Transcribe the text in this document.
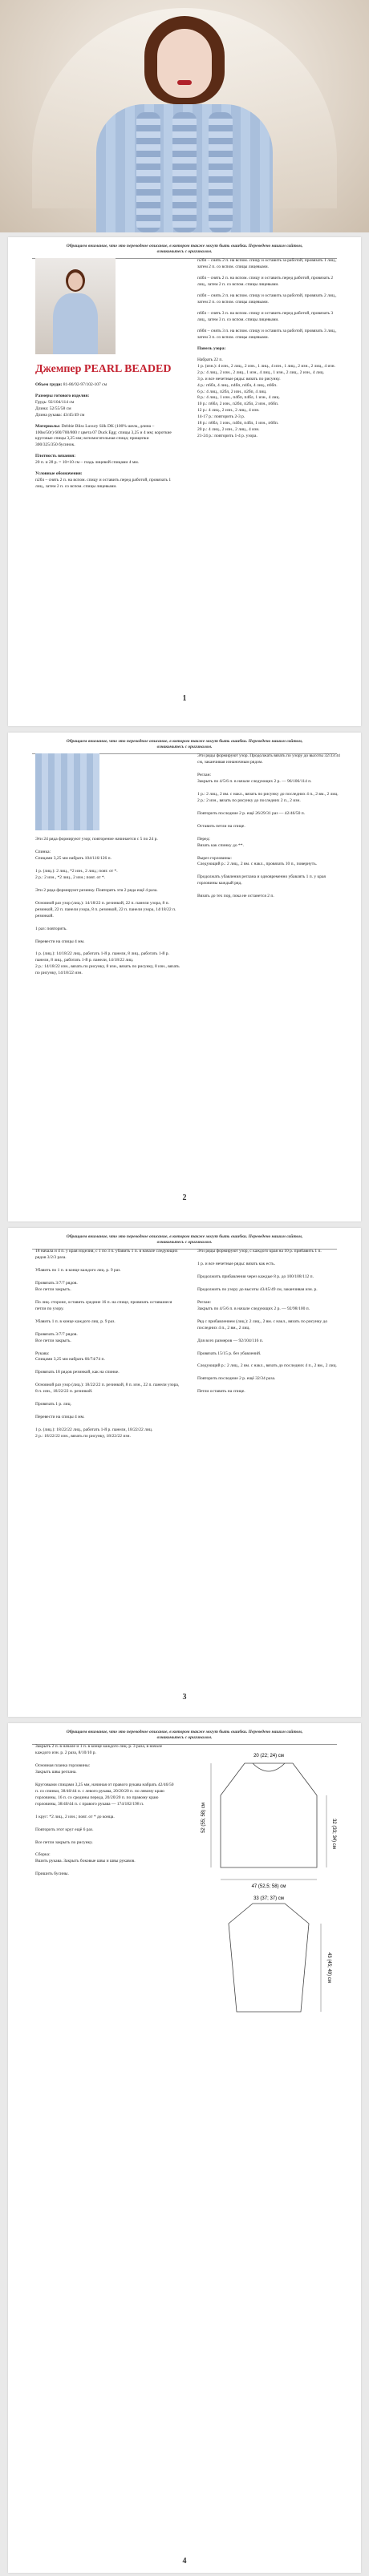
Обращаем внимание, что это переводное описание, в котором также могут быть ошибки. Переведено нашим сайтом, ознакомьтесь с оригиналом.
Джемпер PEARL BEADED

Объем груди: 81-86/92-97/102-107 см

Размеры готового изделия:
Грудь: 92/104/114 см
Длина: 52/55/58 см
Длина рукава: 43/45/49 см

Материалы: Debbie Bliss Luxury Silk DK (100% шелк, длина – 100м/50г) 600/700/800 г цвета 07 Duck Egg; спицы 3,25 и 4 мм; короткие круговые спицы 3,25 мм; вспомогательная спица; прищепки 300/325/350 бусинок.

Плотность вязания:
20 п. и 28 р. = 10×10 см – гладь лицевой спицами 4 мм.

Условные обозначения:
п2бл – снять 2 п. на вспом. спицу и оставить перед работой, провязать 1 лиц., затем 2 п. со вспом. спицы лицевыми.

п2бп – снять 2 п. на вспом. спицу и оставить за работой, провязать 1 лиц., затем 2 п. со вспом. спицы лицевыми.

п4бл – снять 2 п. на вспом. спицу и оставить перед работой, провязать 2 лиц., затем 2 п. со вспом. спицы лицевыми.

п4бп – снять 2 п. на вспом. спицу и оставить за работой, провязать 2 лиц., затем 2 п. со вспом. спицы лицевыми.

п6бл – снять 3 п. на вспом. спицу и оставить перед работой, провязать 3 лиц., затем 3 п. со вспом. спицы лицевыми.

п6бп – снять 3 п. на вспом. спицу и оставить за работой, провязать 3 лиц., затем 3 п. со вспом. спицы лицевыми.

Панель узора:

Набрать 22 п.
1 р. (изн.): 4 изн., 2 лиц., 2 изн., 1 лиц., 4 изн., 1 лиц., 2 изн., 2 лиц., 4 изн.
2 р.: 4 лиц., 2 изн., 2 лиц., 1 изн., 4 лиц., 1 изн., 2 лиц., 2 изн., 4 лиц.
3 р. и все нечетные ряды: вязать по рисунку.
4 р.: п6бл, 4 лиц., п4бп, п4бл, 4 лиц., п6бп.
6 р.: 4 лиц., п2бл, 2 изн., п2бп, 4 лиц.
8 р.: 4 лиц., 1 изн., п4бп, п4бл, 1 изн., 4 лиц.
10 р.: п6бл, 2 изн., п2бп, п2бл, 2 изн., п6бп.
12 р.: 4 лиц., 2 изн., 2 лиц., 4 изн.
14-17 р.: повторить 2-3 р.
18 р.: п6бл, 1 изн., п4бп, п4бл, 1 изн., п6бп.
20 р.: 4 лиц., 2 изн., 2 лиц., 4 изн.
21-24 р.: повторить 1-4 р. узора.

1
Обращаем внимание, что это переводное описание, в котором также могут быть ошибки. Переведено нашим сайтом, ознакомьтесь с оригиналом.
Эти 24 ряда формируют узор; повторение начинается с 5 по 24 р.

Спинка:
Спицами 3,25 мм набрать 104/116/126 п.

1 р. (лиц.): 2 лиц., *2 изн., 2 лиц.; повт. от *.
2 р.: 2 изн., *2 лиц., 2 изн.; повт. от *.

Эти 2 ряда формируют резинку. Повторять эти 2 ряда ещё 4 раза.

Основной раз узор (лиц.): 14/18/22 п. резинкой, 22 п. панели узора, 8 п. резинкой, 22 п. панели узора, 8 п. резинкой, 22 п. панели узора, 14/18/22 п. резинкой.

1 раз: повторить.

Перевести на спицы 4 мм.

1 р. (лиц.): 14/18/22 лиц., работать 1-й р. панели, 8 лиц., работать 1-й р. панели, 8 лиц., работать 1-й р. панели, 14/18/22 лиц.
2 р.: 14/18/22 изн., вязать по рисунку, 8 изн., вязать по рисунку, 8 изн., вязать по рисунку, 14/18/22 изн.
Эти ряды формируют узор. Продолжать вязать по узору до высоты 32/33/34 см, заканчивая изнаночным рядом.

Реглан:
Закрыть по 4/5/6 п. в начале следующих 2 р. — 96/106/114 п.

1 р.: 2 лиц., 2 вм. с накл., вязать по рисунку до последних 4 п., 2 вм., 2 лиц.
2 р.: 2 изн., вязать по рисунку до последних 2 п., 2 изн.

Повторить последние 2 р. ещё 26/29/31 раз — 42/46/50 п.

Оставить петли на спице.

Перед:
Вязать как спинку до **.

Вырез горловины:
Следующий р.: 2 лиц., 2 вм. с накл., провязать 10 п., повернуть.

Продолжать убавления реглана и одновременно убавлять 1 п. у края горловины каждый ряд.

Вязать до тех пор, пока не останется 2 п.
2
Обращаем внимание, что это переводное описание, в котором также могут быть ошибки. Переведено нашим сайтом, ознакомьтесь с оригиналом.
18 начала и 4 п. у края изделия, с 1 по 3 п. убавить 1 п. в начале следующих рядов 3/2/3 раза.

Убавить по 1 п. в конце каждого лиц. р. 9 раз.

Провязать 3/7/7 рядов.
Все петли закрыть.

По лиц. стороне, оставить средние 16 п. на спице, провязать оставшиеся петли по узору.

Убавить 1 п. в конце каждого лиц. р. 9 раз.

Провязать 3/7/7 рядов.
Все петли закрыть.

Рукава:
Спицами 3,25 мм набрать 66/74/74 п.

Провязать 18 рядов резинкой, как на спинке.

Основной раз узор (лиц.): 18/22/22 п. резинкой, 8 п. изн., 22 п. панели узора, 8 п. изн., 18/22/22 п. резинкой.

Провязать 1 р. лиц.

Перевести на спицы 4 мм.

1 р. (лиц.): 18/22/22 лиц., работать 1-й р. панели, 18/22/22 лиц.
2 р.: 18/22/22 изн., вязать по рисунку, 18/22/22 изн.
Эти ряды формируют узор, с каждого края на 10 р. прибавить 1 п.

1 р. и все нечетные ряды: вязать как есть.

Продолжить прибавления через каждые 8 р. до 100/108/112 п.

Продолжить по узору до высоты 43/45/49 см, заканчивая изн. р.

Реглан:
Закрыть по 4/5/6 п. в начале следующих 2 р. — 92/98/100 п.

Ряд с прибавлением (лиц.): 2 лиц., 2 вм. с накл., вязать по рисунку до последних 4 п., 2 вм., 2 лиц.

Для всех размеров — 92/104/116 п.

Провязать 15/15 р. без убавлений.

Следующий р.: 2 лиц., 2 вм. с накл., вязать до последних 4 п., 2 вм., 2 лиц.

Повторить последние 2 р. ещё 32/34 раза.

Петли оставить на спице.
3
Обращаем внимание, что это переводное описание, в котором также могут быть ошибки. Переведено нашим сайтом, ознакомьтесь с оригиналом.
Закрыть 2 п. в начале и 1 п. в конце каждого лиц. р. 3 раза, в начале каждого изн. р. 2 раза, 8/10/10 р.

Основная планка горловины:
Закрыть швы реглана.

Круговыми спицами 3,25 мм, начиная от правого рукава набрать 42/46/50 п. со спинки, 38/40/44 п. с левого рукава, 20/20/20 п. по левому краю горловины, 16 п. со средины переда, 20/20/20 п. по правому краю горловины, 38/40/44 п. с правого рукава — 174/182/198 п.

1 круг: *2 лиц., 2 изн.; повт. от * до конца.

Повторить этот круг ещё 6 раз.

Все петли закрыть по рисунку.

Сборка:
Вшить рукава. Закрыть боковые швы и швы рукавов.

Пришить бусины.
47 (52,5; 58) см
32 (33; 34) см
52 (55; 58) см
20 (22; 24) см
33 (37; 37) см
43 (45; 49) см
4
